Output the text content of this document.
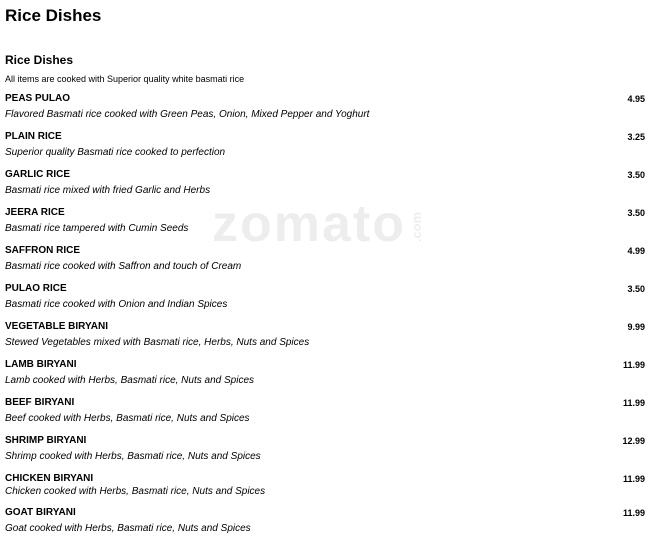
Rice Dishes
Rice Dishes

All items are cooked with Superior quality white basmati rice

zomato .com

PEAS PULAO	4.95

Flavored Basmati rice cooked with Green Peas, Onion, Mixed Pepper and Yoghurt

PLAIN RICE	3.25

Superior quality Basmati rice cooked to perfection

GARLIC RICE	3.50

Basmati rice mixed with fried Garlic and Herbs

JEERA RICE	3.50

Basmati rice tampered with Cumin Seeds

SAFFRON RICE	4.99

Basmati rice cooked with Saffron and touch of Cream

PULAO RICE	3.50

Basmati rice cooked with Onion and Indian Spices

VEGETABLE BIRYANI	9.99

Stewed Vegetables mixed with Basmati rice, Herbs, Nuts and Spices

LAMB BIRYANI	11.99

Lamb cooked with Herbs, Basmati rice, Nuts and Spices

BEEF BIRYANI	11.99

Beef cooked with Herbs, Basmati rice, Nuts and Spices

SHRIMP BIRYANI	12.99

Shrimp cooked with Herbs, Basmati rice, Nuts and Spices

CHICKEN BIRYANI	11.99

Chicken cooked with Herbs, Basmati rice, Nuts and Spices

GOAT BIRYANI	11.99

Goat cooked with Herbs, Basmati rice, Nuts and Spices
